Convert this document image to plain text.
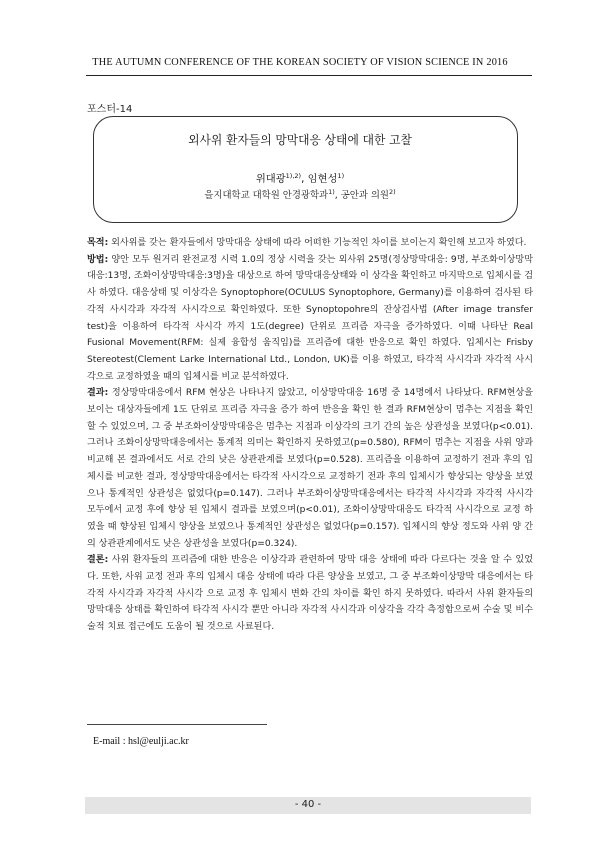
THE AUTUMN CONFERENCE OF THE KOREAN SOCIETY OF VISION SCIENCE IN 2016
포스터-14
외사위 환자들의 망막대응 상태에 대한 고찰
위대광$^{1),2)}$, 임현성$^{1)}$
을지대학교 대학원 안경광학과$^{1)}$, 공안과 의원$^{2)}$

목적: 외사위를 갖는 환자들에서 망막대응 상태에 따라 어떠한 기능적인 차이를 보이는지 확인해 보고자 하였다.

방법: 양안 모두 원거리 완전교정 시력 1.0의 정상 시력을 갖는 외사위 25명(정상망막대응: 9명, 부조화이상망막대응:13명, 조화이상망막대응:3명)을 대상으로 하여 망막대응상태와 이 상각을 확인하고 마지막으로 입체시를 검사 하였다. 대응상태 및 이상각은 Synoptophore(OCULUS Synoptophore, Germany)를 이용하여 검사된 타각적 사시각과 자각적 사시각으로 확인하였다. 또한 Synoptopohre의 잔상검사법 (After image transfer test)을 이용하여 타각적 사시각 까지 1도(degree) 단위로 프리즘 자극을 증가하였다. 이때 나타난 Real Fusional Movement(RFM: 실제 융합성 움직임)를 프리즘에 대한 반응으로 확인 하였다. 입체시는 Frisby Stereotest(Clement Larke International Ltd., London, UK)를 이용 하였고, 타각적 사시각과 자각적 사시각으로 교정하였을 때의 입체시를 비교 분석하였다.

결과: 정상망막대응에서 RFM 현상은 나타나지 않았고, 이상망막대응 16명 중 14명에서 나타났다. RFM현상을 보이는 대상자들에게 1도 단위로 프리즘 자극을 증가 하여 반응을 확인 한 결과 RFM현상이 멈추는 지점을 확인 할 수 있었으며, 그 중 부조화이상망막대응은 멈추는 지점과 이상각의 크기 간의 높은 상관성을 보였다(p<0.01). 그러나 조화이상망막대응에서는 통계적 의미는 확인하지 못하였고(p=0.580), RFM이 멈추는 지점을 사위 양과 비교해 본 결과에서도 서로 간의 낮은 상관관계를 보였다(p=0.528). 프리즘을 이용하여 교정하기 전과 후의 입체시를 비교한 결과, 정상망막대응에서는 타각적 사시각으로 교정하기 전과 후의 입체시가 향상되는 양상을 보였으나 통계적인 상관성은 없었다(p=0.147). 그러나 부조화이상망막대응에서는 타각적 사시각과 자각적 사시각 모두에서 교정 후에 향상 된 입체시 결과를 보였으며(p<0.01), 조화이상망막대응도 타각적 사시각으로 교정 하였을 때 향상된 입체시 양상을 보였으나 통계적인 상관성은 없었다(p=0.157). 입체시의 향상 정도와 사위 양 간의 상관관계에서도 낮은 상관성을 보였다(p=0.324).

결론: 사위 환자들의 프리즘에 대한 반응은 이상각과 관련하여 망막 대응 상태에 따라 다르다는 것을 알 수 있었다. 또한, 사위 교정 전과 후의 입체시 대응 상태에 따라 다른 양상을 보였고, 그 중 부조화이상망막 대응에서는 타각적 사시각과 자각적 사시각 으로 교정 후 입체시 변화 간의 차이를 확인 하지 못하였다. 따라서 사위 환자들의 망막대응 상태를 확인하여 타각적 사시각 뿐만 아니라 자각적 사시각과 이상각을 각각 측정함으로써 수술 및 비수술적 치료 접근에도 도움이 될 것으로 사료된다.

E-mail : hsl@eulji.ac.kr
- 40 -
